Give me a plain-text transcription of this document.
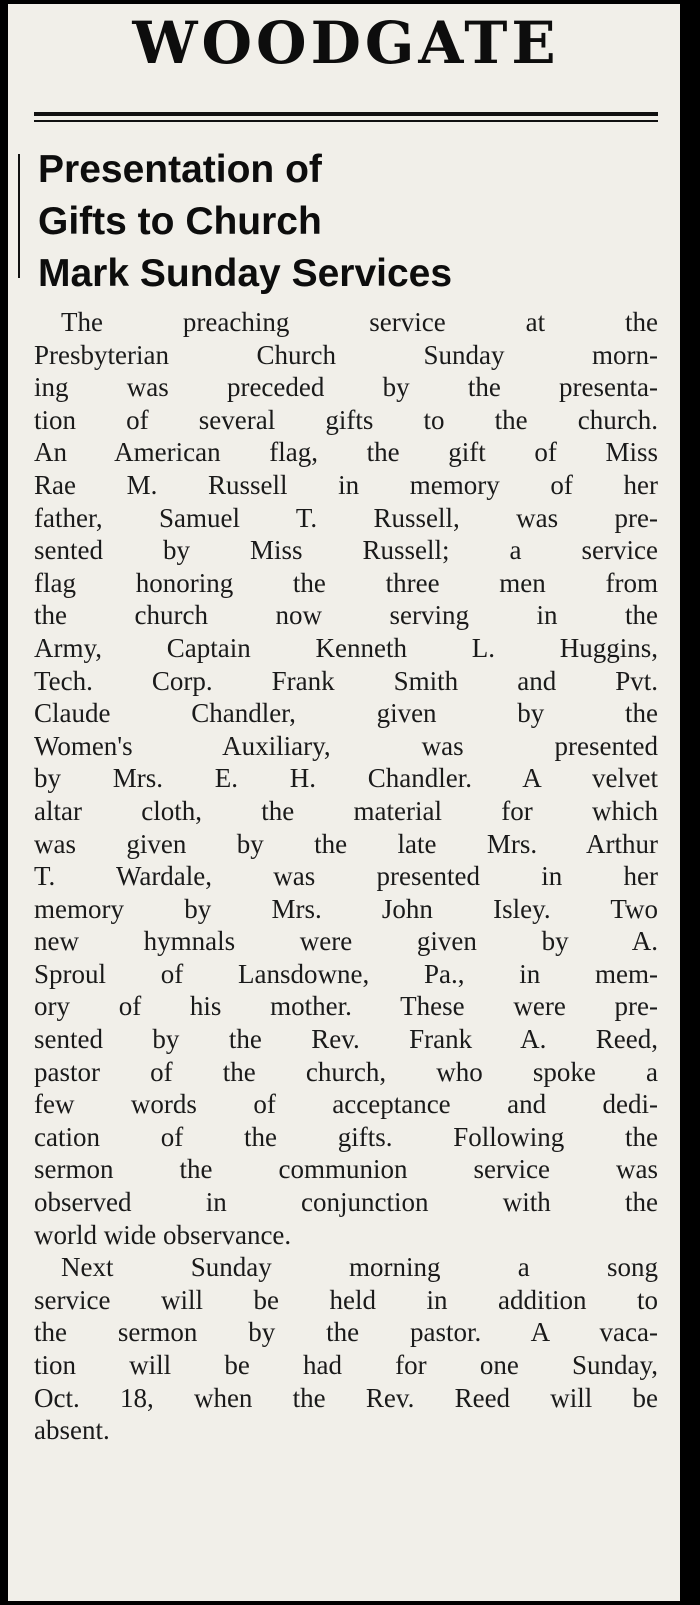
WOODGATE
Presentation of
Gifts to Church
Mark Sunday Services
 The preaching service at the
Presbyterian Church Sunday morn-
ing was preceded by the presenta-
tion of several gifts to the church.
An American flag, the gift of Miss
Rae M. Russell in memory of her
father, Samuel T. Russell, was pre-
sented by Miss Russell; a service
flag honoring the three men from
the church now serving in the
Army, Captain Kenneth L. Huggins,
Tech. Corp. Frank Smith and Pvt.
Claude Chandler, given by the
Women's Auxiliary, was presented
by Mrs. E. H. Chandler. A velvet
altar cloth, the material for which
was given by the late Mrs. Arthur
T. Wardale, was presented in her
memory by Mrs. John Isley. Two
new hymnals were given by A.
Sproul of Lansdowne, Pa., in mem-
ory of his mother. These were pre-
sented by the Rev. Frank A. Reed,
pastor of the church, who spoke a
few words of acceptance and dedi-
cation of the gifts. Following the
sermon the communion service was
observed in conjunction with the
world wide observance.
 Next Sunday morning a song
service will be held in addition to
the sermon by the pastor. A vaca-
tion will be had for one Sunday,
Oct. 18, when the Rev. Reed will be
absent.
